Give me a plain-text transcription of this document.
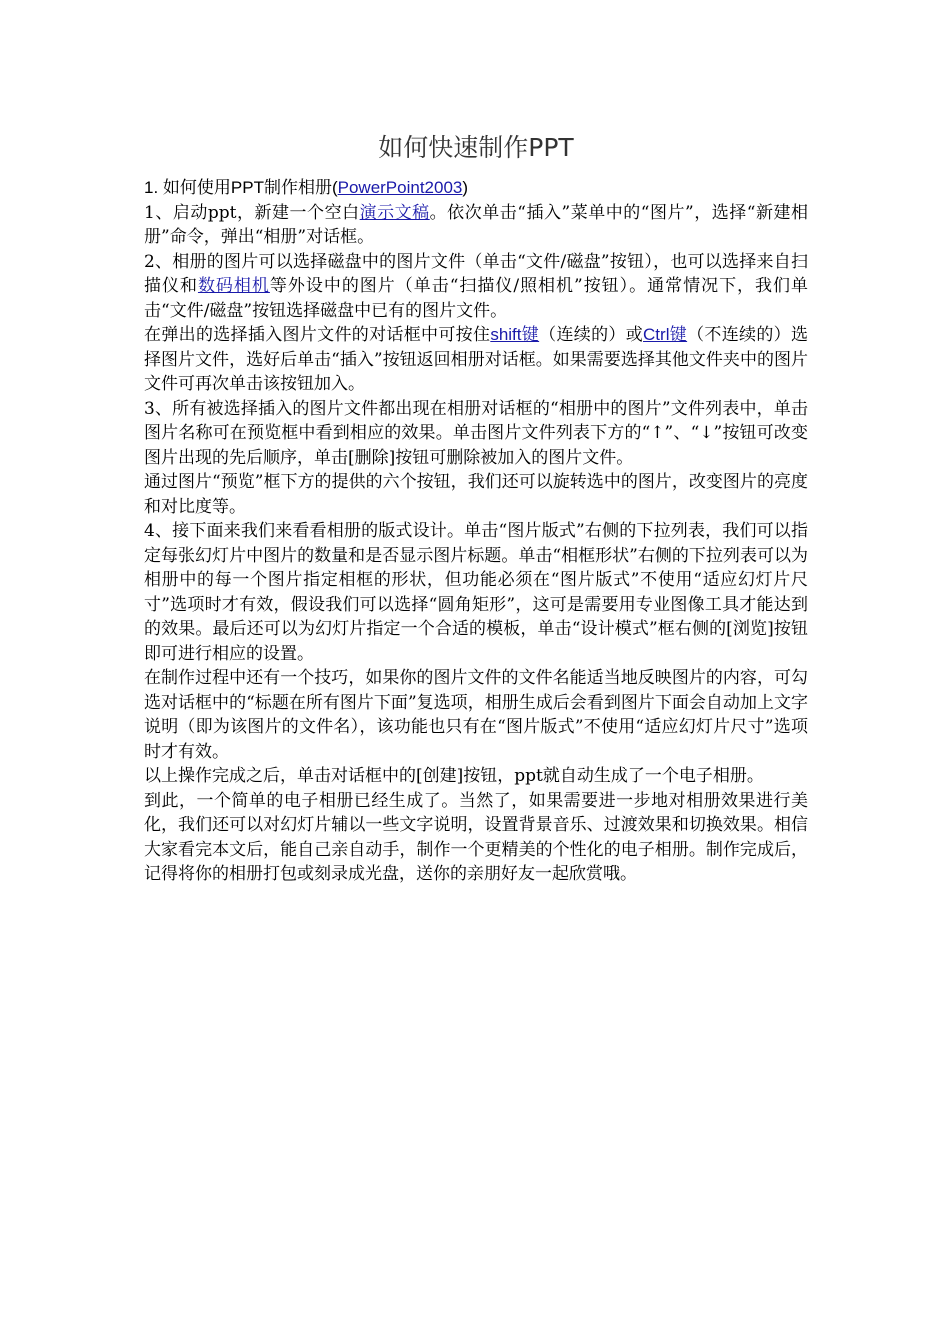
如何快速制作PPT

1. 如何使用PPT制作相册(PowerPoint2003)

1、启动ppt，新建一个空白演示文稿。依次单击“插入”菜单中的“图片”，选择“新建相册”命令，弹出“相册”对话框。

2、相册的图片可以选择磁盘中的图片文件（单击“文件/磁盘”按钮），也可以选择来自扫描仪和数码相机等外设中的图片（单击“扫描仪/照相机”按钮）。通常情况下，我们单击“文件/磁盘”按钮选择磁盘中已有的图片文件。

在弹出的选择插入图片文件的对话框中可按住shift键（连续的）或Ctrl键（不连续的）选择图片文件，选好后单击“插入”按钮返回相册对话框。如果需要选择其他文件夹中的图片文件可再次单击该按钮加入。

3、所有被选择插入的图片文件都出现在相册对话框的“相册中的图片”文件列表中，单击图片名称可在预览框中看到相应的效果。单击图片文件列表下方的“↑”、“↓”按钮可改变图片出现的先后顺序，单击[删除]按钮可删除被加入的图片文件。

通过图片“预览”框下方的提供的六个按钮，我们还可以旋转选中的图片，改变图片的亮度和对比度等。

4、接下面来我们来看看相册的版式设计。单击“图片版式”右侧的下拉列表，我们可以指定每张幻灯片中图片的数量和是否显示图片标题。单击“相框形状”右侧的下拉列表可以为相册中的每一个图片指定相框的形状，但功能必须在“图片版式”不使用“适应幻灯片尺寸”选项时才有效，假设我们可以选择“圆角矩形”，这可是需要用专业图像工具才能达到的效果。最后还可以为幻灯片指定一个合适的模板，单击“设计模式”框右侧的[浏览]按钮即可进行相应的设置。

在制作过程中还有一个技巧，如果你的图片文件的文件名能适当地反映图片的内容，可勾选对话框中的“标题在所有图片下面”复选项，相册生成后会看到图片下面会自动加上文字说明（即为该图片的文件名），该功能也只有在“图片版式”不使用“适应幻灯片尺寸”选项时才有效。

以上操作完成之后，单击对话框中的[创建]按钮，ppt就自动生成了一个电子相册。

到此，一个简单的电子相册已经生成了。当然了，如果需要进一步地对相册效果进行美化，我们还可以对幻灯片辅以一些文字说明，设置背景音乐、过渡效果和切换效果。相信大家看完本文后，能自己亲自动手，制作一个更精美的个性化的电子相册。制作完成后，记得将你的相册打包或刻录成光盘，送你的亲朋好友一起欣赏哦。
